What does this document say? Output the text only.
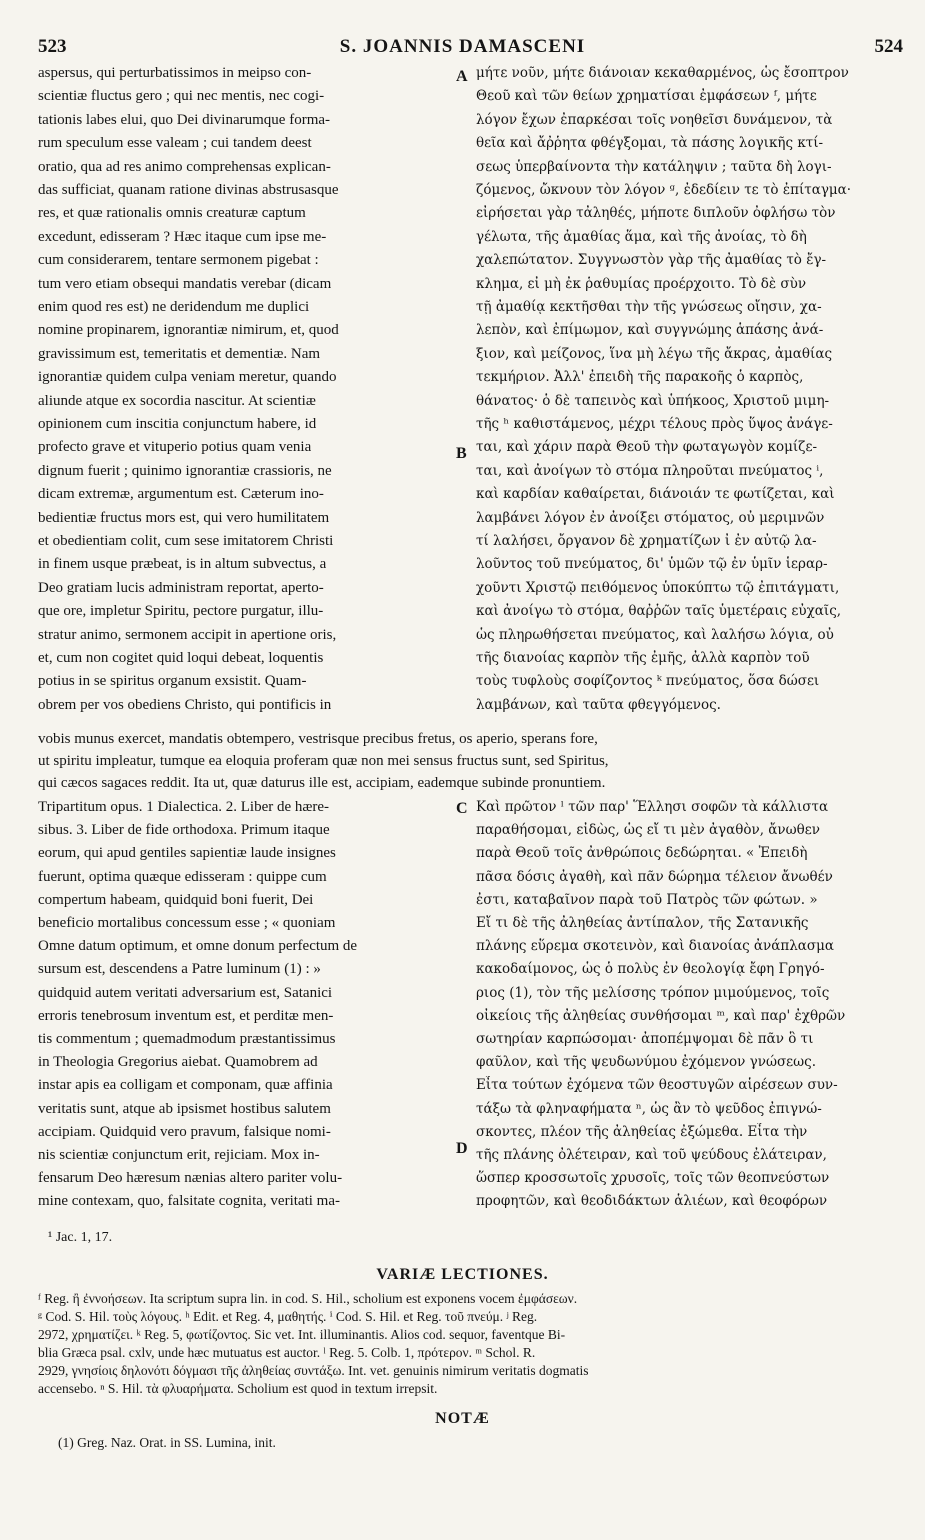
523	S. JOANNIS DAMASCENI	524
A
B
C
D
aspersus, qui perturbatissimos in meipso con-
scientiæ fluctus gero ; qui nec mentis, nec cogi-
tationis labes elui, quo Dei divinarumque forma-
rum speculum esse valeam ; cui tandem deest
oratio, qua ad res animo comprehensas explican-
das sufficiat, quanam ratione divinas abstrusasque
res, et quæ rationalis omnis creaturæ captum
excedunt, edisseram ? Hæc itaque cum ipse me-
cum considerarem, tentare sermonem pigebat :
tum vero etiam obsequi mandatis verebar (dicam
enim quod res est) ne deridendum me duplici
nomine propinarem, ignorantiæ nimirum, et, quod
gravissimum est, temeritatis et dementiæ. Nam
ignorantiæ quidem culpa veniam meretur, quando
aliunde atque ex socordia nascitur. At scientiæ
opinionem cum inscitia conjunctum habere, id
profecto grave et vituperio potius quam venia
dignum fuerit ; quinimo ignorantiæ crassioris, ne
dicam extremæ, argumentum est. Cæterum ino-
bedientiæ fructus mors est, qui vero humilitatem
et obedientiam colit, cum sese imitatorem Christi
in finem usque præbeat, is in altum subvectus, a
Deo gratiam lucis administram reportat, aperto-
que ore, impletur Spiritu, pectore purgatur, illu-
stratur animo, sermonem accipit in apertione oris,
et, cum non cogitet quid loqui debeat, loquentis
potius in se spiritus organum exsistit. Quam-
obrem per vos obediens Christo, qui pontificis in
μήτε νοῦν, μήτε διάνοιαν κεκαθαρμένος, ὡς ἔσοπτρον
Θεοῦ καὶ τῶν θείων χρηματίσαι ἐμφάσεων ᶠ, μήτε
λόγον ἔχων ἐπαρκέσαι τοῖς νοηθεῖσι δυνάμενον, τὰ
θεῖα καὶ ἄῤῥητα φθέγξομαι, τὰ πάσης λογικῆς κτί-
σεως ὑπερβαίνοντα τὴν κατάληψιν ; ταῦτα δὴ λογι-
ζόμενος, ὤκνουν τὸν λόγον ᵍ, ἐδεδίειν τε τὸ ἐπίταγμα·
εἰρήσεται γὰρ τἀληθές, μήποτε διπλοῦν ὀφλήσω τὸν
γέλωτα, τῆς ἀμαθίας ἅμα, καὶ τῆς ἀνοίας, τὸ δὴ
χαλεπώτατον. Συγγνωστὸν γὰρ τῆς ἀμαθίας τὸ ἔγ-
κλημα, εἰ μὴ ἐκ ῥαθυμίας προέρχοιτο. Τὸ δὲ σὺν
τῇ ἀμαθίᾳ κεκτῆσθαι τὴν τῆς γνώσεως οἴησιν, χα-
λεπὸν, καὶ ἐπίμωμον, καὶ συγγνώμης ἁπάσης ἀνά-
ξιον, καὶ μείζονος, ἵνα μὴ λέγω τῆς ἄκρας, ἀμαθίας
τεκμήριον. Ἀλλ' ἐπειδὴ τῆς παρακοῆς ὁ καρπὸς,
θάνατος· ὁ δὲ ταπεινὸς καὶ ὑπήκοος, Χριστοῦ μιμη-
τῆς ʰ καθιστάμενος, μέχρι τέλους πρὸς ὕψος ἀνάγε-
ται, καὶ χάριν παρὰ Θεοῦ τὴν φωταγωγὸν κομίζε-
ται, καὶ ἀνοίγων τὸ στόμα πληροῦται πνεύματος ⁱ,
καὶ καρδίαν καθαίρεται, διάνοιάν τε φωτίζεται, καὶ
λαμβάνει λόγον ἐν ἀνοίξει στόματος, οὐ μεριμνῶν
τί λαλήσει, ὄργανον δὲ χρηματίζων ἰ ἐν αὐτῷ λα-
λοῦντος τοῦ πνεύματος, δι' ὑμῶν τῷ ἐν ὑμῖν ἱεραρ-
χοῦντι Χριστῷ πειθόμενος ὑποκύπτω τῷ ἐπιτάγματι,
καὶ ἀνοίγω τὸ στόμα, θαῤῥῶν ταῖς ὑμετέραις εὐχαῖς,
ὡς πληρωθήσεται πνεύματος, καὶ λαλήσω λόγια, οὐ
τῆς διανοίας καρπὸν τῆς ἐμῆς, ἀλλὰ καρπὸν τοῦ
τοὺς τυφλοὺς σοφίζοντος ᵏ πνεύματος, ὅσα δώσει
λαμβάνων, καὶ ταῦτα φθεγγόμενος.
vobis munus exercet, mandatis obtempero, vestrisque precibus fretus, os aperio, sperans fore,
ut spiritu impleatur, tumque ea eloquia proferam quæ non mei sensus fructus sunt, sed Spiritus,
qui cæcos sagaces reddit. Ita ut, quæ daturus ille est, accipiam, eademque subinde pronuntiem.
Tripartitum opus. 1 Dialectica. 2. Liber de hære-
sibus. 3. Liber de fide orthodoxa. Primum itaque
eorum, qui apud gentiles sapientiæ laude insignes
fuerunt, optima quæque edisseram : quippe cum
compertum habeam, quidquid boni fuerit, Dei
beneficio mortalibus concessum esse ; « quoniam
Omne datum optimum, et omne donum perfectum de
sursum est, descendens a Patre luminum (1) : »
quidquid autem veritati adversarium est, Satanici
erroris tenebrosum inventum est, et perditæ men-
tis commentum ; quemadmodum præstantissimus
in Theologia Gregorius aiebat. Quamobrem ad
instar apis ea colligam et componam, quæ affinia
veritatis sunt, atque ab ipsismet hostibus salutem
accipiam. Quidquid vero pravum, falsique nomi-
nis scientiæ conjunctum erit, rejiciam. Mox in-
fensarum Deo hæresum nænias altero pariter volu-
mine contexam, quo, falsitate cognita, veritati ma-
Καὶ πρῶτον ˡ τῶν παρ' Ἕλλησι σοφῶν τὰ κάλλιστα
παραθήσομαι, εἰδὼς, ὡς εἴ τι μὲν ἀγαθὸν, ἄνωθεν
παρὰ Θεοῦ τοῖς ἀνθρώποις δεδώρηται. « Ἐπειδὴ
πᾶσα δόσις ἀγαθὴ, καὶ πᾶν δώρημα τέλειον ἄνωθέν
ἐστι, καταβαῖνον παρὰ τοῦ Πατρὸς τῶν φώτων. »
Εἴ τι δὲ τῆς ἀληθείας ἀντίπαλον, τῆς Σατανικῆς
πλάνης εὕρεμα σκοτεινὸν, καὶ διανοίας ἀνάπλασμα
κακοδαίμονος, ὡς ὁ πολὺς ἐν θεολογίᾳ ἔφη Γρηγό-
ριος (1), τὸν τῆς μελίσσης τρόπον μιμούμενος, τοῖς
οἰκείοις τῆς ἀληθείας συνθήσομαι ᵐ, καὶ παρ' ἐχθρῶν
σωτηρίαν καρπώσομαι· ἀποπέμψομαι δὲ πᾶν ὃ τι
φαῦλον, καὶ τῆς ψευδωνύμου ἐχόμενον γνώσεως.
Εἶτα τούτων ἐχόμενα τῶν θεοστυγῶν αἱρέσεων συν-
τάξω τὰ φληναφήματα ⁿ, ὡς ἂν τὸ ψεῦδος ἐπιγνώ-
σκοντες, πλέον τῆς ἀληθείας ἐξώμεθα. Εἶτα τὴν
τῆς πλάνης ὀλέτειραν, καὶ τοῦ ψεύδους ἐλάτειραν,
ὥσπερ κροσσωτοῖς χρυσοῖς, τοῖς τῶν θεοπνεύστων
προφητῶν, καὶ θεοδιδάκτων ἁλιέων, καὶ θεοφόρων
¹ Jac. 1, 17.
VARIÆ LECTIONES.
ᶠ Reg. ἢ ἐννοήσεων. Ita scriptum supra lin. in cod. S. Hil., scholium est exponens vocem ἐμφάσεων.
ᵍ Cod. S. Hil. τοὺς λόγους. ʰ Edit. et Reg. 4, μαθητής. ⁱ Cod. S. Hil. et Reg. τοῦ πνεύμ. ʲ Reg.
2972, χρηματίζει. ᵏ Reg. 5, φωτίζοντος. Sic vet. Int. illuminantis. Alios cod. sequor, faventque Bi-
blia Græca psal. cxlv, unde hæc mutuatus est auctor. ˡ Reg. 5. Colb. 1, πρότερον. ᵐ Schol. R.
2929, γνησίοις δηλονότι δόγμασι τῆς ἀληθείας συντάξω. Int. vet. genuinis nimirum veritatis dogmatis
accensebo. ⁿ S. Hil. τὰ φλυαρήματα. Scholium est quod in textum irrepsit.
NOTÆ
(1) Greg. Naz. Orat. in SS. Lumina, init.
